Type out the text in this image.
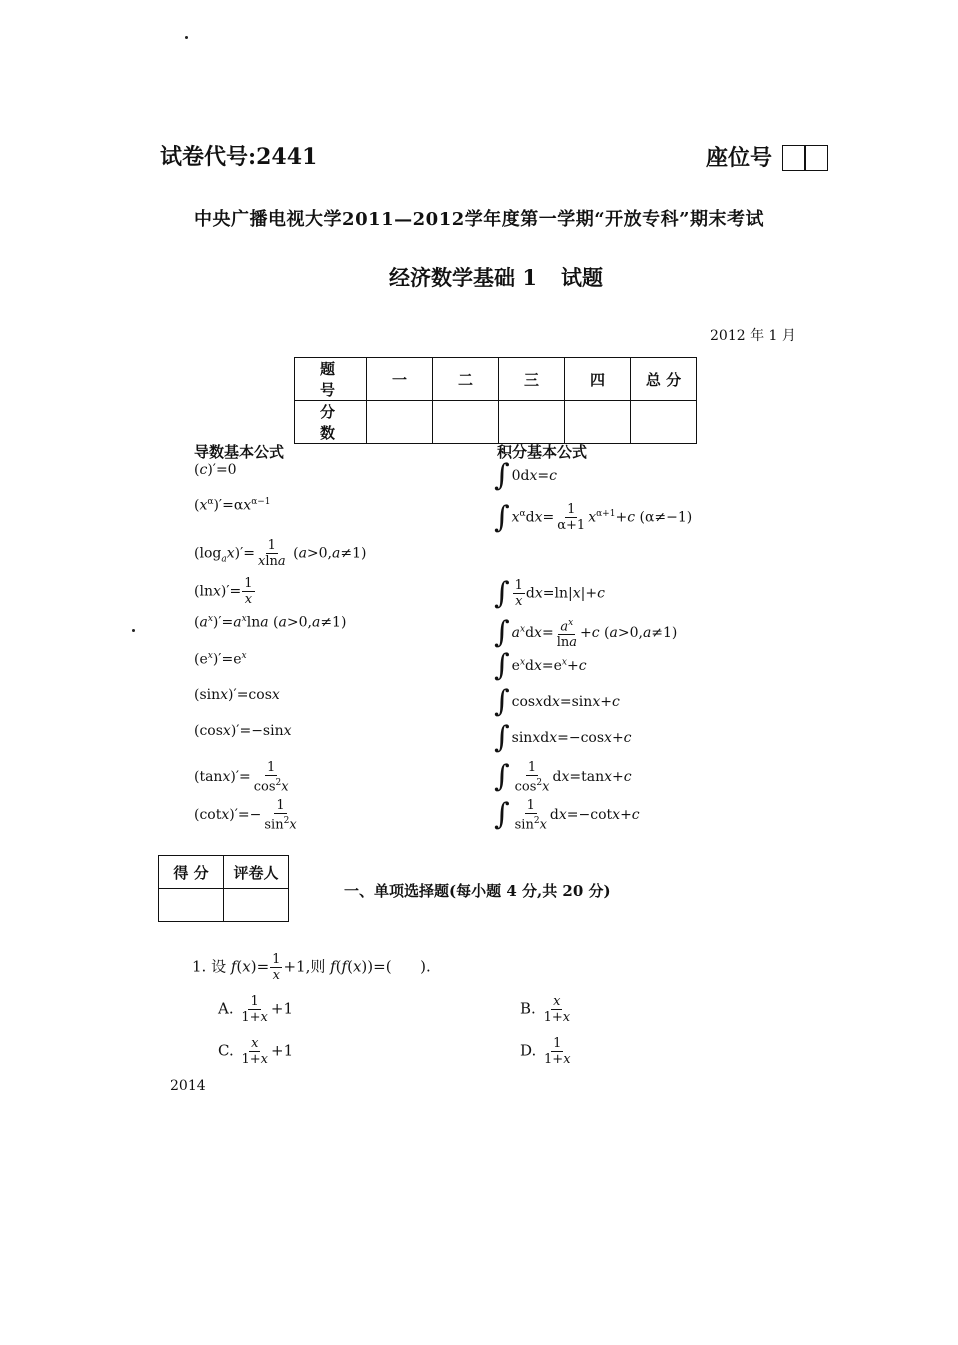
试卷代号:2441	座位号
中央广播电视大学2011—2012学年度第一学期“开放专科”期末考试
经济数学基础 1 试题
2012 年 1 月
题 号	一	二	三	四	总 分
分 数					
导数基本公式
(c)′=0
$(x^\alpha)'=\alpha x^{\alpha-1}$
$(\log_ax)'= \frac{1}{xlna} (a>0,a\ne 1)$
$(\ln x)'= \frac{1}{x}$
$(a^x)'=a^x\ln a$ (a>0,a≠1)
$(e^x)'=e^x$
(sinx)′=cosx
(cosx)′=−sinx
$(\tan x)'= \frac{1}{\cos^2x}$
$(\cot x)'=- \frac{1}{\sin^2x}$
积分基本公式
∫ 0dx=c
∫ $x^\alpha dx= \frac{1}{\alpha+1} x^{\alpha+1}+c$ (α≠−1)
∫ $\frac{1}{x} dx=\ln|x|+c$
∫ $a^xdx= \frac{a^x}{\ln a} +c$ (a>0,a≠1)
∫ $e^xdx=e^x+c$
∫ cosxdx=sinx+c
∫ sinxdx=−cosx+c
∫ $\frac{1}{\cos^2x} dx=\tan x+c$
∫ $\frac{1}{\sin^2x} dx=-\cot x+c$
得 分	评卷人

一、单项选择题(每小题 4 分,共 20 分)
1. 设 $f(x)= \frac{1}{x} +1$,则 f(f(x))=(      ).
A. $\frac{1}{1+x} +1$	B. $\frac{x}{1+x}$
C. $\frac{x}{1+x} +1$	D. $\frac{1}{1+x}$
2014
